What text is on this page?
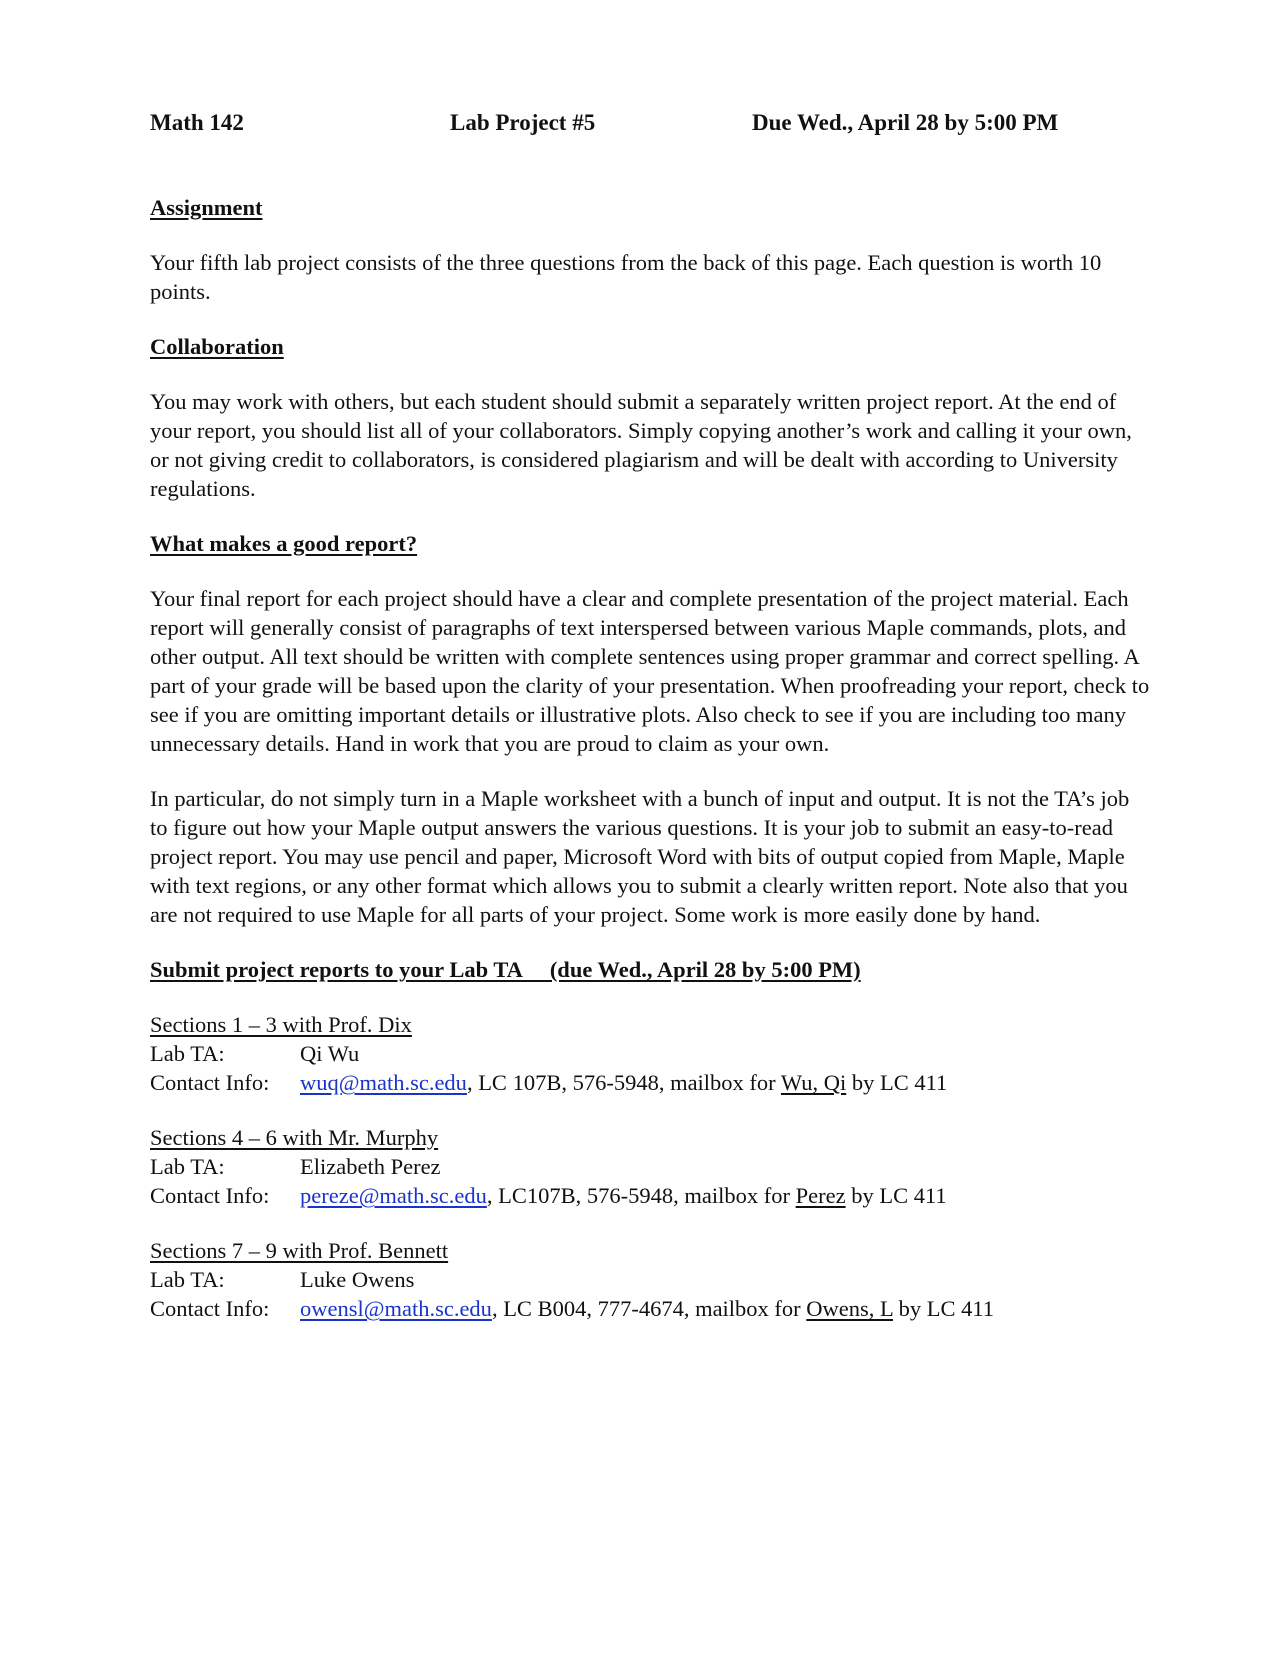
Math 142	Lab Project #5	Due Wed., April 28 by 5:00 PM
Assignment

Your fifth lab project consists of the three questions from the back of this page. Each question is worth 10 points.

Collaboration

You may work with others, but each student should submit a separately written project report. At the end of your report, you should list all of your collaborators. Simply copying another’s work and calling it your own, or not giving credit to collaborators, is considered plagiarism and will be dealt with according to University regulations.

What makes a good report?

Your final report for each project should have a clear and complete presentation of the project material. Each report will generally consist of paragraphs of text interspersed between various Maple commands, plots, and other output. All text should be written with complete sentences using proper grammar and correct spelling. A part of your grade will be based upon the clarity of your presentation. When proofreading your report, check to see if you are omitting important details or illustrative plots. Also check to see if you are including too many unnecessary details. Hand in work that you are proud to claim as your own.

In particular, do not simply turn in a Maple worksheet with a bunch of input and output. It is not the TA’s job to figure out how your Maple output answers the various questions. It is your job to submit an easy-to-read project report. You may use pencil and paper, Microsoft Word with bits of output copied from Maple, Maple with text regions, or any other format which allows you to submit a clearly written report. Note also that you are not required to use Maple for all parts of your project. Some work is more easily done by hand.

Submit project reports to your Lab TA     (due Wed., April 28 by 5:00 PM)
Sections 1 – 3 with Prof. Dix
Lab TA:	Qi Wu
Contact Info: wuq@math.sc.edu, LC 107B, 576-5948, mailbox for Wu, Qi by LC 411
Sections 4 – 6 with Mr. Murphy
Lab TA:	Elizabeth Perez
Contact Info: pereze@math.sc.edu, LC107B, 576-5948, mailbox for Perez by LC 411
Sections 7 – 9 with Prof. Bennett
Lab TA:	Luke Owens
Contact Info: owensl@math.sc.edu, LC B004, 777-4674, mailbox for Owens, L by LC 411
